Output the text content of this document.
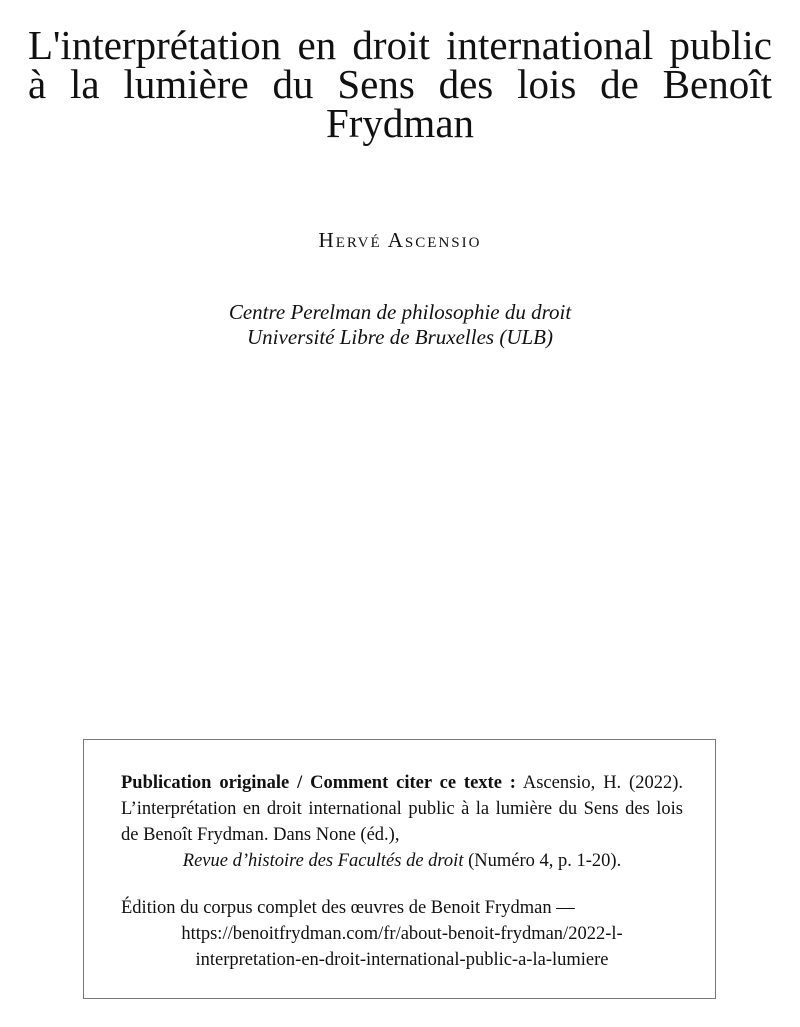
L'interprétation en droit international public à la lumière du Sens des lois de Benoît Frydman
Hervé Ascensio
Centre Perelman de philosophie du droit
Université Libre de Bruxelles (ULB)
Publication originale / Comment citer ce texte : Ascensio, H. (2022). L’interprétation en droit international public à la lumière du Sens des lois de Benoît Frydman. Dans None (éd.),
Revue d’histoire des Facultés de droit (Numéro 4, p. 1-20).
Édition du corpus complet des œuvres de Benoit Frydman —
https://benoitfrydman.com/fr/about-benoit-frydman/2022-l-
interpretation-en-droit-international-public-a-la-lumiere
